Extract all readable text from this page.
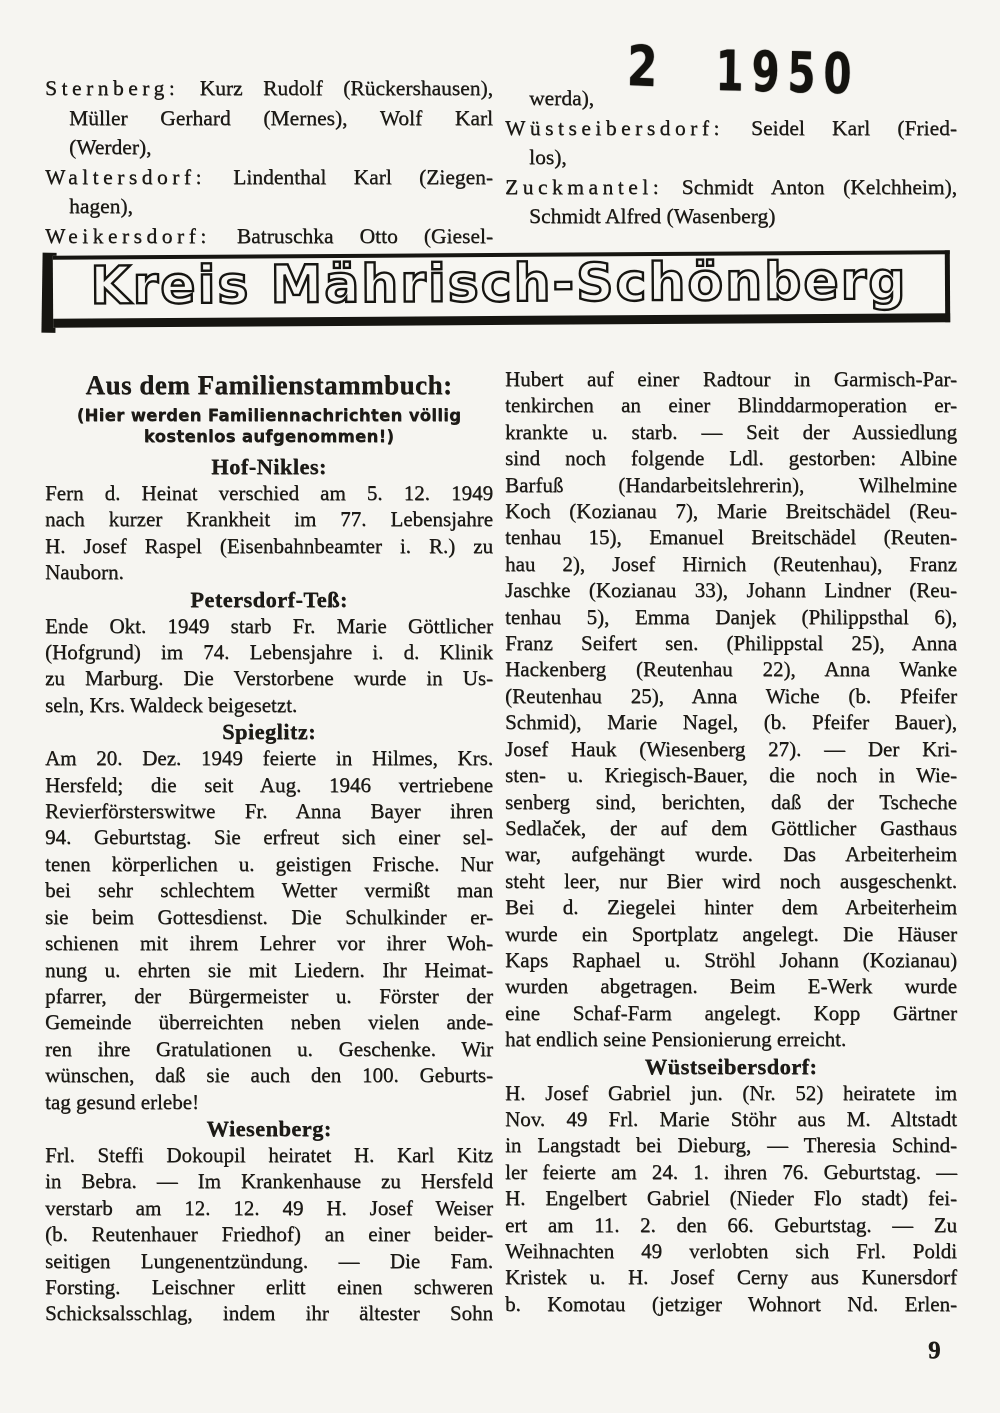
Sternberg: Kurz Rudolf (Rückershausen),
Müller Gerhard (Mernes), Wolf Karl
(Werder),
Waltersdorf: Lindenthal Karl (Ziegen-
hagen),
Weikersdorf: Batruschka Otto (Giesel-
werda),
Wüstseibersdorf: Seidel Karl (Fried-
los),
Zuckmantel: Schmidt Anton (Kelchheim),
Schmidt Alfred (Wasenberg)
2 1950
Kreis Mährisch-Schönberg
Aus dem Familienstammbuch:
(Hier werden Familiennachrichten völlig
kostenlos aufgenommen!)
Hof-Nikles:
Fern d. Heinat verschied am 5. 12. 1949
nach kurzer Krankheit im 77. Lebensjahre
H. Josef Raspel (Eisenbahnbeamter i. R.) zu
Nauborn.
Petersdorf-Teß:
Ende Okt. 1949 starb Fr. Marie Göttlicher
(Hofgrund) im 74. Lebensjahre i. d. Klinik
zu Marburg. Die Verstorbene wurde in Us-
seln, Krs. Waldeck beigesetzt.
Spieglitz:
Am 20. Dez. 1949 feierte in Hilmes, Krs.
Hersfeld; die seit Aug. 1946 vertriebene
Revierförsterswitwe Fr. Anna Bayer ihren
94. Geburtstag. Sie erfreut sich einer sel-
tenen körperlichen u. geistigen Frische. Nur
bei sehr schlechtem Wetter vermißt man
sie beim Gottesdienst. Die Schulkinder er-
schienen mit ihrem Lehrer vor ihrer Woh-
nung u. ehrten sie mit Liedern. Ihr Heimat-
pfarrer, der Bürgermeister u. Förster der
Gemeinde überreichten neben vielen ande-
ren ihre Gratulationen u. Geschenke. Wir
wünschen, daß sie auch den 100. Geburts-
tag gesund erlebe!
Wiesenberg:
Frl. Steffi Dokoupil heiratet H. Karl Kitz
in Bebra. — Im Krankenhause zu Hersfeld
verstarb am 12. 12. 49 H. Josef Weiser
(b. Reutenhauer Friedhof) an einer beider-
seitigen Lungenentzündung. — Die Fam.
Forsting. Leischner erlitt einen schweren
Schicksalsschlag, indem ihr ältester Sohn
Hubert auf einer Radtour in Garmisch-Par-
tenkirchen an einer Blinddarmoperation er-
krankte u. starb. — Seit der Aussiedlung
sind noch folgende Ldl. gestorben: Albine
Barfuß (Handarbeitslehrerin), Wilhelmine
Koch (Kozianau 7), Marie Breitschädel (Reu-
tenhau 15), Emanuel Breitschädel (Reuten-
hau 2), Josef Hirnich (Reutenhau), Franz
Jaschke (Kozianau 33), Johann Lindner (Reu-
tenhau 5), Emma Danjek (Philippsthal 6),
Franz Seifert sen. (Philippstal 25), Anna
Hackenberg (Reutenhau 22), Anna Wanke
(Reutenhau 25), Anna Wiche (b. Pfeifer
Schmid), Marie Nagel, (b. Pfeifer Bauer),
Josef Hauk (Wiesenberg 27). — Der Kri-
sten- u. Kriegisch-Bauer, die noch in Wie-
senberg sind, berichten, daß der Tscheche
Sedlaček, der auf dem Göttlicher Gasthaus
war, aufgehängt wurde. Das Arbeiterheim
steht leer, nur Bier wird noch ausgeschenkt.
Bei d. Ziegelei hinter dem Arbeiterheim
wurde ein Sportplatz angelegt. Die Häuser
Kaps Raphael u. Ströhl Johann (Kozianau)
wurden abgetragen. Beim E-Werk wurde
eine Schaf-Farm angelegt. Kopp Gärtner
hat endlich seine Pensionierung erreicht.
Wüstseibersdorf:
H. Josef Gabriel jun. (Nr. 52) heiratete im
Nov. 49 Frl. Marie Stöhr aus M. Altstadt
in Langstadt bei Dieburg, — Theresia Schind-
ler feierte am 24. 1. ihren 76. Geburtstag. —
H. Engelbert Gabriel (Nieder Flo stadt) fei-
ert am 11. 2. den 66. Geburtstag. — Zu
Weihnachten 49 verlobten sich Frl. Poldi
Kristek u. H. Josef Cerny aus Kunersdorf
b. Komotau (jetziger Wohnort Nd. Erlen-
9
